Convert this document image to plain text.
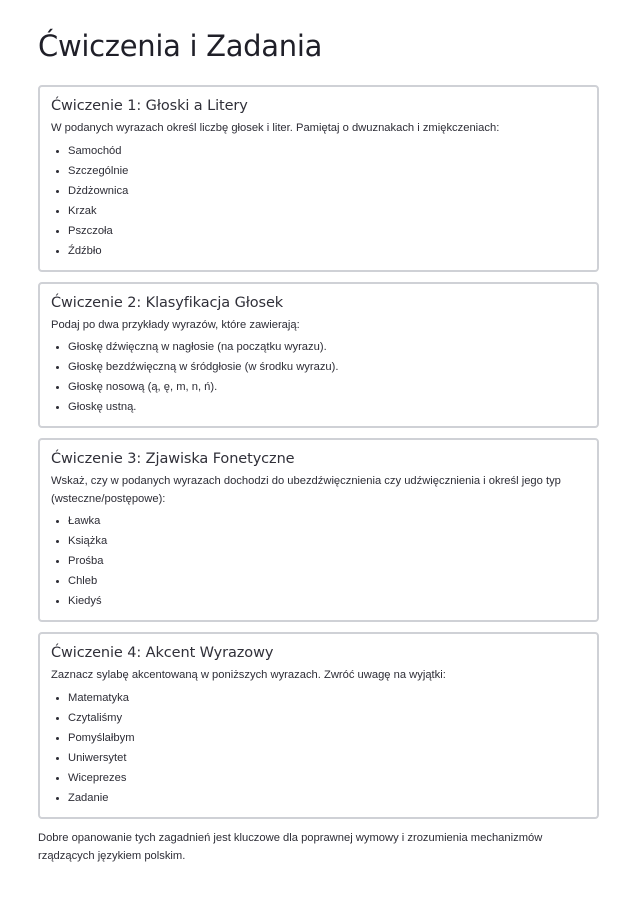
Ćwiczenia i Zadania
Ćwiczenie 1: Głoski a Litery

W podanych wyrazach określ liczbę głosek i liter. Pamiętaj o dwuznakach i zmiękczeniach:

• Samochód
• Szczególnie
• Dżdżownica
• Krzak
• Pszczoła
• Źdźbło
Ćwiczenie 2: Klasyfikacja Głosek

Podaj po dwa przykłady wyrazów, które zawierają:

• Głoskę dźwięczną w nagłosie (na początku wyrazu).
• Głoskę bezdźwięczną w śródgłosie (w środku wyrazu).
• Głoskę nosową (ą, ę, m, n, ń).
• Głoskę ustną.
Ćwiczenie 3: Zjawiska Fonetyczne

Wskaż, czy w podanych wyrazach dochodzi do ubezdźwięcznienia czy udźwięcznienia i określ jego typ (wsteczne/postępowe):

• Ławka
• Książka
• Prośba
• Chleb
• Kiedyś
Ćwiczenie 4: Akcent Wyrazowy

Zaznacz sylabę akcentowaną w poniższych wyrazach. Zwróć uwagę na wyjątki:

• Matematyka
• Czytaliśmy
• Pomyślałbym
• Uniwersytet
• Wiceprezes
• Zadanie

Dobre opanowanie tych zagadnień jest kluczowe dla poprawnej wymowy i zrozumienia mechanizmów rządzących językiem polskim.
